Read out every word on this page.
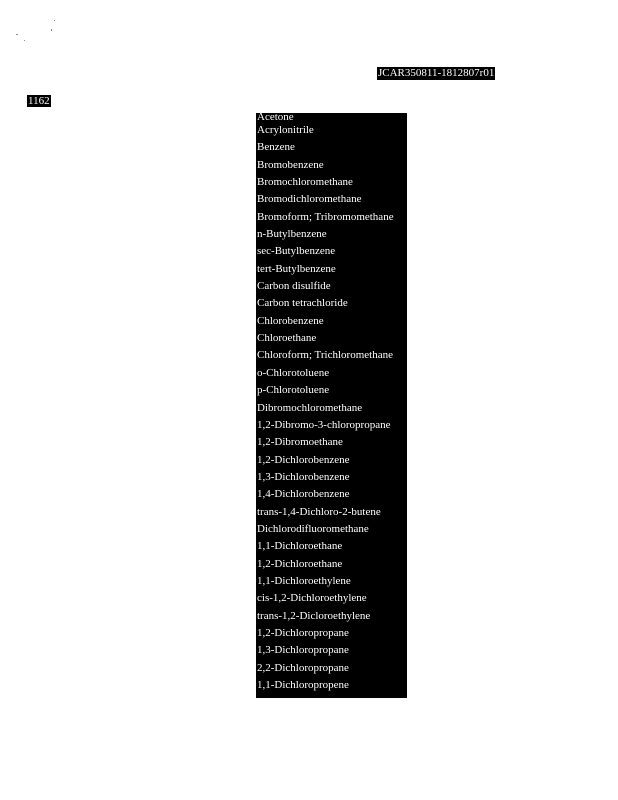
JCAR350811-1812807r01
1162
Acetone
Acrylonitrile
Benzene
Bromobenzene
Bromochloromethane
Bromodichloromethane
Bromoform; Tribromomethane
n-Butylbenzene
sec-Butylbenzene
tert-Butylbenzene
Carbon disulfide
Carbon tetrachloride
Chlorobenzene
Chloroethane
Chloroform; Trichloromethane
o-Chlorotoluene
p-Chlorotoluene
Dibromochloromethane
1,2-Dibromo-3-chloropropane
1,2-Dibromoethane
1,2-Dichlorobenzene
1,3-Dichlorobenzene
1,4-Dichlorobenzene
trans-1,4-Dichloro-2-butene
Dichlorodifluoromethane
1,1-Dichloroethane
1,2-Dichloroethane
1,1-Dichloroethylene
cis-1,2-Dichloroethylene
trans-1,2-Dicloroethylene
1,2-Dichloropropane
1,3-Dichloropropane
2,2-Dichloropropane
1,1-Dichloropropene
